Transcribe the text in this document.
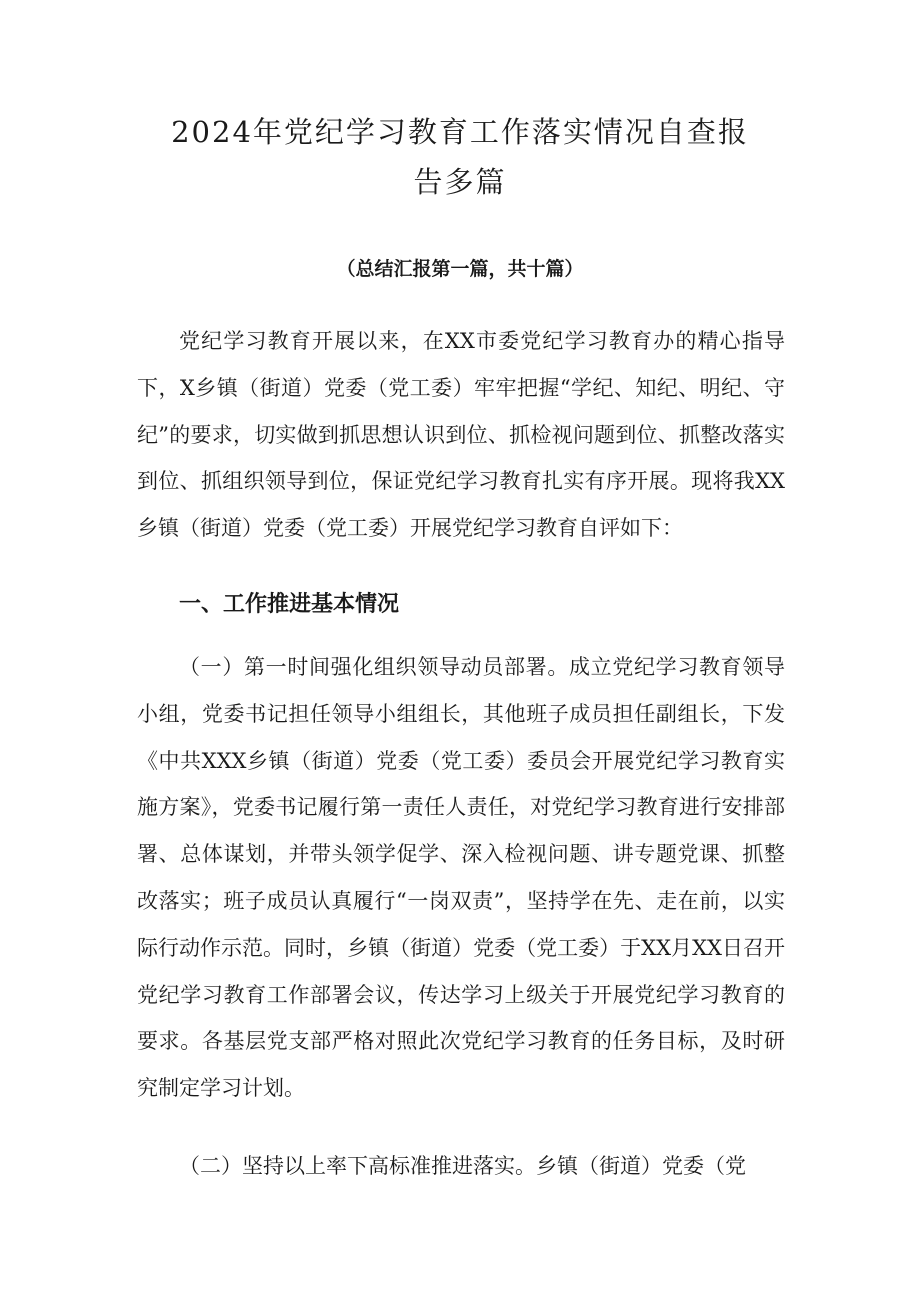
2024年党纪学习教育工作落实情况自查报
告多篇

（总结汇报第一篇，共十篇）

党纪学习教育开展以来，在XX市委党纪学习教育办的精心指导下，X乡镇（街道）党委（党工委）牢牢把握“学纪、知纪、明纪、守纪”的要求，切实做到抓思想认识到位、抓检视问题到位、抓整改落实到位、抓组织领导到位，保证党纪学习教育扎实有序开展。现将我XX乡镇（街道）党委（党工委）开展党纪学习教育自评如下：

一、工作推进基本情况

（一）第一时间强化组织领导动员部署。成立党纪学习教育领导小组，党委书记担任领导小组组长，其他班子成员担任副组长，下发《中共XXX乡镇（街道）党委（党工委）委员会开展党纪学习教育实施方案》，党委书记履行第一责任人责任，对党纪学习教育进行安排部署、总体谋划，并带头领学促学、深入检视问题、讲专题党课、抓整改落实；班子成员认真履行“一岗双责”，坚持学在先、走在前，以实际行动作示范。同时，乡镇（街道）党委（党工委）于XX月XX日召开党纪学习教育工作部署会议，传达学习上级关于开展党纪学习教育的要求。各基层党支部严格对照此次党纪学习教育的任务目标，及时研究制定学习计划。

（二）坚持以上率下高标准推进落实。乡镇（街道）党委（党
